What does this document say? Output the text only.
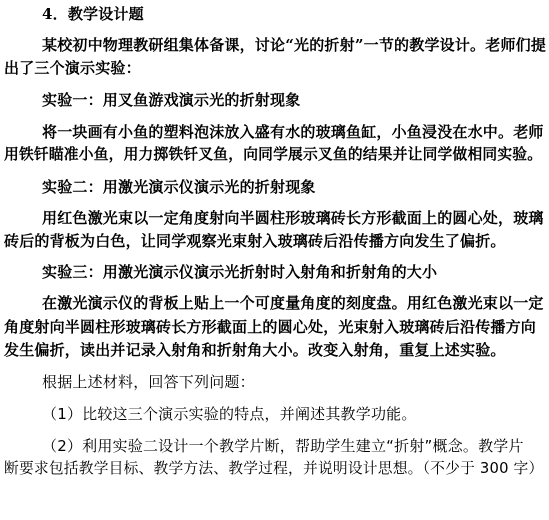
4．教学设计题
某校初中物理教研组集体备课，讨论“光的折射”一节的教学设计。老师们提
出了三个演示实验：
实验一：用叉鱼游戏演示光的折射现象
将一块画有小鱼的塑料泡沫放入盛有水的玻璃鱼缸，小鱼浸没在水中。老师
用铁钎瞄准小鱼，用力掷铁钎叉鱼，向同学展示叉鱼的结果并让同学做相同实验。
实验二：用激光演示仪演示光的折射现象
用红色激光束以一定角度射向半圆柱形玻璃砖长方形截面上的圆心处，玻璃
砖后的背板为白色，让同学观察光束射入玻璃砖后沿传播方向发生了偏折。
实验三：用激光演示仪演示光折射时入射角和折射角的大小
在激光演示仪的背板上贴上一个可度量角度的刻度盘。用红色激光束以一定
角度射向半圆柱形玻璃砖长方形截面上的圆心处，光束射入玻璃砖后沿传播方向
发生偏折，读出并记录入射角和折射角大小。改变入射角，重复上述实验。
根据上述材料，回答下列问题：
（1）比较这三个演示实验的特点，并阐述其教学功能。
（2）利用实验二设计一个教学片断，帮助学生建立“折射”概念。教学片
断要求包括教学目标、教学方法、教学过程，并说明设计思想。（不少于 300 字）
